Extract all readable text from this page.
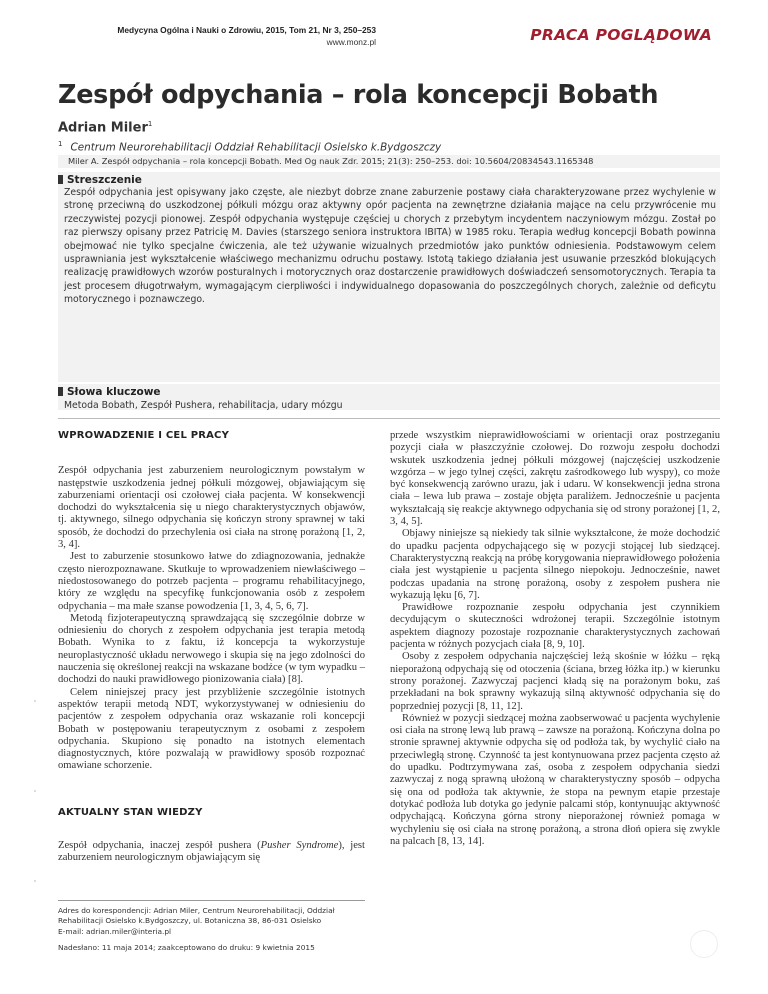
Medycyna Ogólna i Nauki o Zdrowiu, 2015, Tom 21, Nr 3, 250–253
www.monz.pl	PRACA POGLĄDOWA
Zespół odpychania – rola koncepcji Bobath
Adrian Miler$^1$
$^1$ Centrum Neurorehabilitacji Oddział Rehabilitacji Osielsko k.Bydgoszczy
Miler A. Zespół odpychania – rola koncepcji Bobath. Med Og nauk Zdr. 2015; 21(3): 250–253. doi: 10.5604/20834543.1165348
Streszczenie
Zespół odpychania jest opisywany jako częste, ale niezbyt dobrze znane zaburzenie postawy ciała charakteryzowane przez wychylenie w stronę przeciwną do uszkodzonej półkuli mózgu oraz aktywny opór pacjenta na zewnętrzne działania mające na celu przywrócenie mu rzeczywistej pozycji pionowej. Zespół odpychania występuje częściej u chorych z przebytym incydentem naczyniowym mózgu. Został po raz pierwszy opisany przez Patricię M. Davies (starszego seniora instruktora IBITA) w 1985 roku. Terapia według koncepcji Bobath powinna obejmować nie tylko specjalne ćwiczenia, ale też używanie wizualnych przedmiotów jako punktów odniesienia. Podstawowym celem usprawniania jest wykształcenie właściwego mechanizmu odruchu postawy. Istotą takiego działania jest usuwanie przeszkód blokujących realizację prawidłowych wzorów posturalnych i motorycznych oraz dostarczenie prawidłowych doświadczeń sensomotorycznych. Terapia ta jest procesem długotrwałym, wymagającym cierpliwości i indywidualnego dopasowania do poszczególnych chorych, zależnie od deficytu motorycznego i poznawczego.
Słowa kluczowe
Metoda Bobath, Zespół Pushera, rehabilitacja, udary mózgu
WPROWADZENIE I CEL PRACY

Zespół odpychania jest zaburzeniem neurologicznym powstałym w następstwie uszkodzenia jednej półkuli mózgowej, objawiającym się zaburzeniami orientacji osi czołowej ciała pacjenta. W konsekwencji dochodzi do wykształcenia się u niego charakterystycznych objawów, tj. aktywnego, silnego odpychania się kończyn strony sprawnej w taki sposób, że dochodzi do przechylenia osi ciała na stronę porażoną [1, 2, 3, 4].

Jest to zaburzenie stosunkowo łatwe do zdiagnozowania, jednakże często nierozpoznawane. Skutkuje to wprowadzeniem niewłaściwego – niedostosowanego do potrzeb pacjenta – programu rehabilitacyjnego, który ze względu na specyfikę funkcjonowania osób z zespołem odpychania – ma małe szanse powodzenia [1, 3, 4, 5, 6, 7].

Metodą fizjoterapeutyczną sprawdzającą się szczególnie dobrze w odniesieniu do chorych z zespołem odpychania jest terapia metodą Bobath. Wynika to z faktu, iż koncepcja ta wykorzystuje neuroplastyczność układu nerwowego i skupia się na jego zdolności do nauczenia się określonej reakcji na wskazane bodźce (w tym wypadku – dochodzi do nauki prawidłowego pionizowania ciała) [8].

Celem niniejszej pracy jest przybliżenie szczególnie istotnych aspektów terapii metodą NDT, wykorzystywanej w odniesieniu do pacjentów z zespołem odpychania oraz wskazanie roli koncepcji Bobath w postępowaniu terapeutycznym z osobami z zespołem odpychania. Skupiono się ponadto na istotnych elementach diagnostycznych, które pozwalają w prawidłowy sposób rozpoznać omawiane schorzenie.

AKTUALNY STAN WIEDZY

Zespół odpychania, inaczej zespół pushera (Pusher Syndrome), jest zaburzeniem neurologicznym objawiającym się

Adres do korespondencji: Adrian Miler, Centrum Neurorehabilitacji, Oddział Rehabilitacji Osielsko k.Bydgoszczy, ul. Botaniczna 38, 86-031 Osielsko
E-mail: adrian.miler@interia.pl
Nadesłano: 11 maja 2014; zaakceptowano do druku: 9 kwietnia 2015

przede wszystkim nieprawidłowościami w orientacji oraz postrzeganiu pozycji ciała w płaszczyźnie czołowej. Do rozwoju zespołu dochodzi wskutek uszkodzenia jednej półkuli mózgowej (najczęściej uszkodzenie wzgórza – w jego tylnej części, zakrętu zaśrodkowego lub wyspy), co może być konsekwencją zarówno urazu, jak i udaru. W konsekwencji jedna strona ciała – lewa lub prawa – zostaje objęta paraliżem. Jednocześnie u pacjenta wykształcają się reakcje aktywnego odpychania się od strony porażonej [1, 2, 3, 4, 5].

Objawy niniejsze są niekiedy tak silnie wykształcone, że może dochodzić do upadku pacjenta odpychającego się w pozycji stojącej lub siedzącej. Charakterystyczną reakcją na próbę korygowania nieprawidłowego położenia ciała jest wystąpienie u pacjenta silnego niepokoju. Jednocześnie, nawet podczas upadania na stronę porażoną, osoby z zespołem pushera nie wykazują lęku [6, 7].

Prawidłowe rozpoznanie zespołu odpychania jest czynnikiem decydującym o skuteczności wdrożonej terapii. Szczególnie istotnym aspektem diagnozy pozostaje rozpoznanie charakterystycznych zachowań pacjenta w różnych pozycjach ciała [8, 9, 10].

Osoby z zespołem odpychania najczęściej leżą skośnie w łóżku – ręką nieporażoną odpychają się od otoczenia (ściana, brzeg łóżka itp.) w kierunku strony porażonej. Zazwyczaj pacjenci kładą się na porażonym boku, zaś przekładani na bok sprawny wykazują silną aktywność odpychania się do poprzedniej pozycji [8, 11, 12].

Również w pozycji siedzącej można zaobserwować u pacjenta wychylenie osi ciała na stronę lewą lub prawą – zawsze na porażoną. Kończyna dolna po stronie sprawnej aktywnie odpycha się od podłoża tak, by wychylić ciało na przeciwległą stronę. Czynność ta jest kontynuowana przez pacjenta często aż do upadku. Podtrzymywana zaś, osoba z zespołem odpychania siedzi zazwyczaj z nogą sprawną ułożoną w charakterystyczny sposób – odpycha się ona od podłoża tak aktywnie, że stopa na pewnym etapie przestaje dotykać podłoża lub dotyka go jedynie palcami stóp, kontynuując aktywność odpychającą. Kończyna górna strony nieporażonej również pomaga w wychyleniu się osi ciała na stronę porażoną, a strona dłoń opiera się zwykle na palcach [8, 13, 14].
